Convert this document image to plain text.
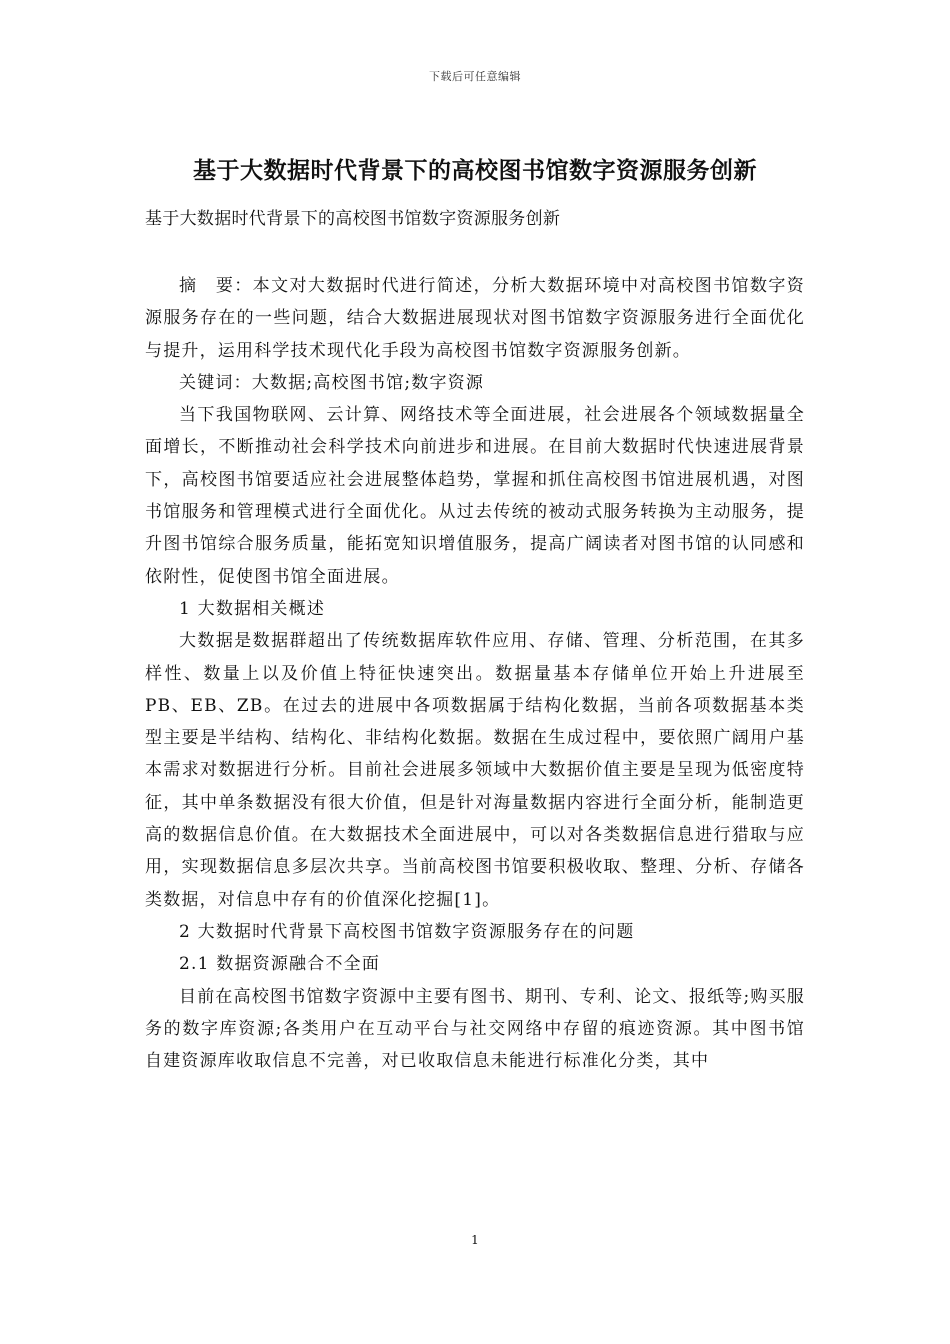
下载后可任意编辑
基于大数据时代背景下的高校图书馆数字资源服务创新
基于大数据时代背景下的高校图书馆数字资源服务创新

摘　要：本文对大数据时代进行简述，分析大数据环境中对高校图书馆数字资源服务存在的一些问题，结合大数据进展现状对图书馆数字资源服务进行全面优化与提升，运用科学技术现代化手段为高校图书馆数字资源服务创新。

关键词：大数据;高校图书馆;数字资源

当下我国物联网、云计算、网络技术等全面进展，社会进展各个领域数据量全面增长，不断推动社会科学技术向前进步和进展。在目前大数据时代快速进展背景下，高校图书馆要适应社会进展整体趋势，掌握和抓住高校图书馆进展机遇，对图书馆服务和管理模式进行全面优化。从过去传统的被动式服务转换为主动服务，提升图书馆综合服务质量，能拓宽知识增值服务，提高广阔读者对图书馆的认同感和依附性，促使图书馆全面进展。

1 大数据相关概述

大数据是数据群超出了传统数据库软件应用、存储、管理、分析范围，在其多样性、数量上以及价值上特征快速突出。数据量基本存储单位开始上升进展至PB、EB、ZB。在过去的进展中各项数据属于结构化数据，当前各项数据基本类型主要是半结构、结构化、非结构化数据。数据在生成过程中，要依照广阔用户基本需求对数据进行分析。目前社会进展多领域中大数据价值主要是呈现为低密度特征，其中单条数据没有很大价值，但是针对海量数据内容进行全面分析，能制造更高的数据信息价值。在大数据技术全面进展中，可以对各类数据信息进行猎取与应用，实现数据信息多层次共享。当前高校图书馆要积极收取、整理、分析、存储各类数据，对信息中存有的价值深化挖掘[1]。

2 大数据时代背景下高校图书馆数字资源服务存在的问题

2.1 数据资源融合不全面

目前在高校图书馆数字资源中主要有图书、期刊、专利、论文、报纸等;购买服务的数字库资源;各类用户在互动平台与社交网络中存留的痕迹资源。其中图书馆自建资源库收取信息不完善，对已收取信息未能进行标准化分类，其中

1
